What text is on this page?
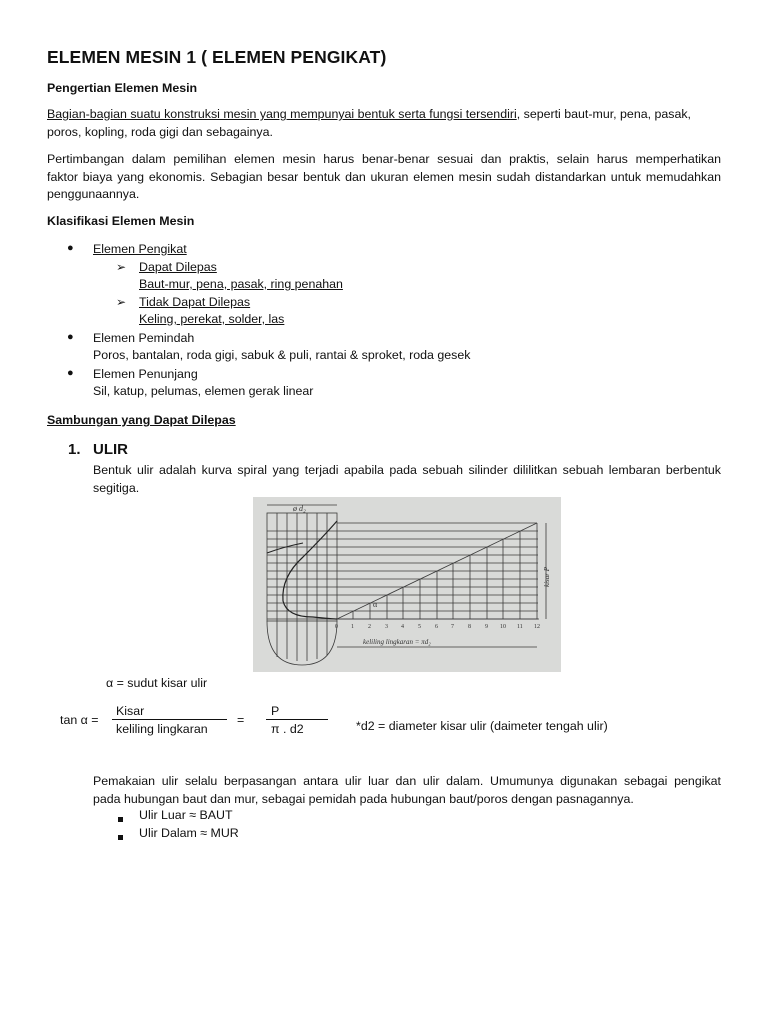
ELEMEN MESIN 1 ( ELEMEN PENGIKAT)
Pengertian Elemen Mesin
Bagian-bagian suatu konstruksi mesin yang mempunyai bentuk serta fungsi tersendiri, seperti baut-mur, pena, pasak,
poros, kopling, roda gigi dan sebagainya.
Pertimbangan dalam pemilihan elemen mesin harus benar-benar sesuai dan praktis, selain harus memperhatikan
faktor biaya yang ekonomis. Sebagian besar bentuk dan ukuran elemen mesin sudah distandarkan untuk memudahkan
penggunaannya.
Klasifikasi Elemen Mesin
● Elemen Pengikat
➢ Dapat Dilepas
Baut-mur, pena, pasak, ring penahan
➢ Tidak Dapat Dilepas
Keling, perekat, solder, las
● Elemen Pemindah
Poros, bantalan, roda gigi, sabuk & puli, rantai & sproket, roda gesek
● Elemen Penunjang
Sil, katup, pelumas, elemen gerak linear
Sambungan yang Dapat Dilepas
1. ULIR
Bentuk ulir adalah kurva spiral yang terjadi apabila pada sebuah silinder dililitkan sebuah lembaran berbentuk
segitiga.
ø d₂
kisar P
keliling lingkaran = πd₂
α
0 1 2 3 4 5 6 7 8 9 10 11 12
α = sudut kisar ulir
tan α =
Kisar
keliling lingkaran
=
P
π . d2	*d2 = diameter kisar ulir (daimeter tengah ulir)
Pemakaian ulir selalu berpasangan antara ulir luar dan ulir dalam. Umumunya digunakan sebagai pengikat
pada hubungan baut dan mur, sebagai pemidah pada hubungan baut/poros dengan pasnagannya.
Ulir Luar ≈ BAUT
Ulir Dalam ≈ MUR
